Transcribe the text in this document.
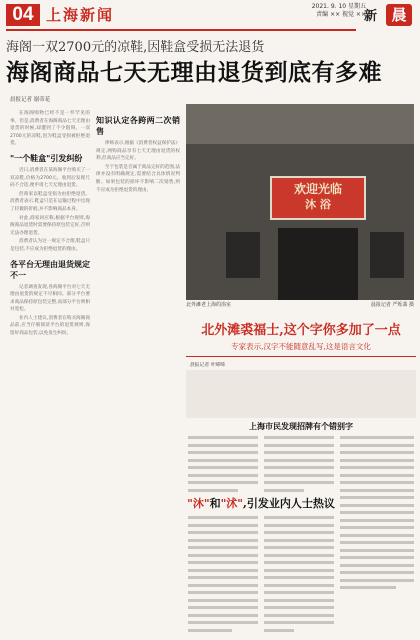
04 上海新闻	2021. 9. 10 星期五
责编 ×× 视觉 ××
新 晨
海阁一双2700元的凉鞋,因鞋盒受损无法退货
海阁商品七天无理由退货到底有多难
晨报记者 谢蒂花

在海阁购物已经不是一件罕见的事。但是,消费者在海阁商品七天无理由退货的时候,却遭到了不少阻碍。一双2700元的凉鞋,因为鞋盒受损被拒绝退货。

"一个鞋盒"引发纠纷

近日,消费者在某海阁平台购买了一双凉鞋,价格为2700元。收到后发现尺码不合适,便申请七天无理由退货。

但商家以鞋盒受损为由拒绝退货。消费者表示,鞋盒只是在运输过程中出现了轻微的折痕,并不影响商品本身。

对此,商家回应称,根据平台规则,海阁商品退货时需要保持原包装完好,否则无法办理退货。

消费者认为这一规定不合理,鞋盒只是包装,不应成为拒绝退货的理由。

各平台无理由退货规定不一

记者调查发现,各海阁平台对七天无理由退货的规定不尽相同。部分平台要求商品保持原包装完整,而部分平台则相对宽松。

业内人士建议,消费者在购买海阁商品前,应当仔细阅读平台的退货规则,保留好商品包装,以免发生纠纷。

知识认定各跨两二次销售

律师表示,根据《消费者权益保护法》规定,网购商品享有七天无理由退货的权利,但商品应当完好。

至于包装是否属于商品完好的范围,法律并没有明确规定,需要结合具体情况判断。如果包装的损坏不影响二次销售,则不应成为拒绝退货的理由。	欢迎光临
沐 浴
北外滩老上海的浴室	晨报记者 严烁翡 摄
北外滩裘福士,这个字你多加了一点
专家表示,汉字不能随意乱写,这是语言文化
晨报记者 叶晞晞
上海市民发现招牌有个错别字
"沐"和"沭",引发业内人士热议
